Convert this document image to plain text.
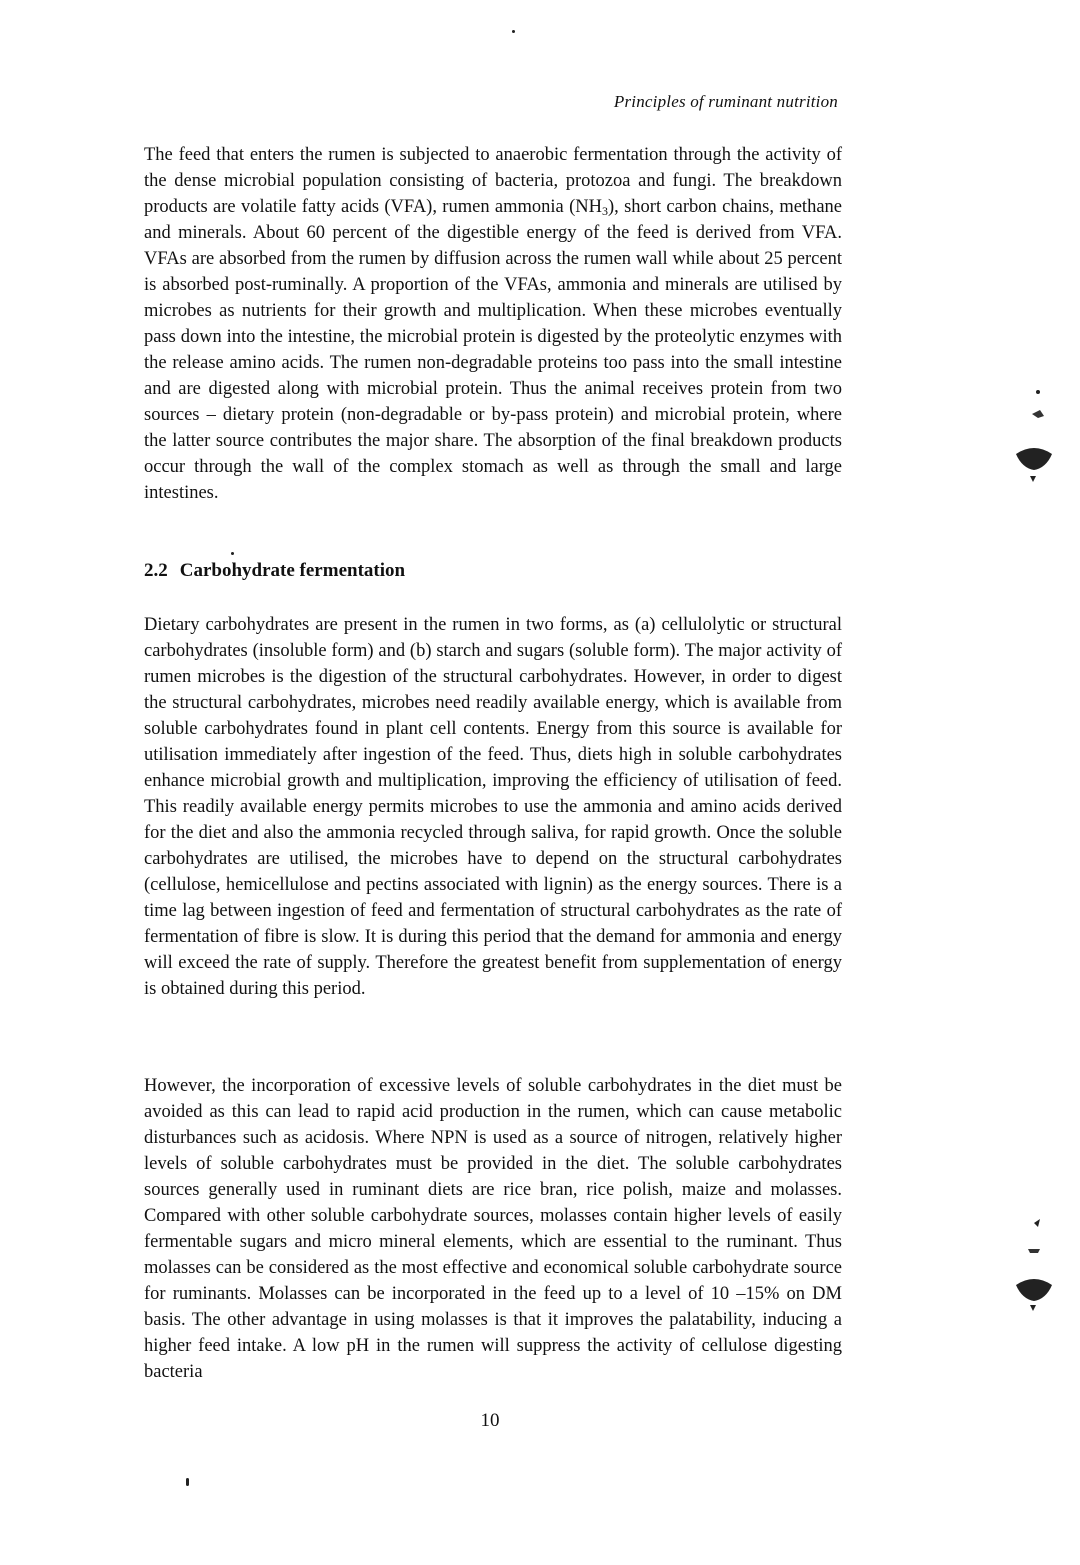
Principles of ruminant nutrition

The feed that enters the rumen is subjected to anaerobic fermentation through the activity of the dense microbial population consisting of bacteria, protozoa and fungi. The breakdown products are volatile fatty acids (VFA), rumen ammonia $(NH_3)$, short carbon chains, methane and minerals. About 60 percent of the digestible energy of the feed is derived from VFA. VFAs are absorbed from the rumen by diffusion across the rumen wall while about 25 percent is absorbed post-ruminally. A proportion of the VFAs, ammonia and minerals are utilised by microbes as nutrients for their growth and multiplication. When these microbes eventually pass down into the intestine, the microbial protein is digested by the proteolytic enzymes with the release amino acids. The rumen non-degradable proteins too pass into the small intestine and are digested along with microbial protein. Thus the animal receives protein from two sources – dietary protein (non-degradable or by-pass protein) and microbial protein, where the latter source contributes the major share. The absorption of the final breakdown products occur through the wall of the complex stomach as well as through the small and large intestines.

2.2 Carbohydrate fermentation

Dietary carbohydrates are present in the rumen in two forms, as (a) cellulolytic or structural carbohydrates (insoluble form) and (b) starch and sugars (soluble form). The major activity of rumen microbes is the digestion of the structural carbohydrates. However, in order to digest the structural carbohydrates, microbes need readily available energy, which is available from soluble carbohydrates found in plant cell contents. Energy from this source is available for utilisation immediately after ingestion of the feed. Thus, diets high in soluble carbohydrates enhance microbial growth and multiplication, improving the efficiency of utilisation of feed. This readily available energy permits microbes to use the ammonia and amino acids derived for the diet and also the ammonia recycled through saliva, for rapid growth. Once the soluble carbohydrates are utilised, the microbes have to depend on the structural carbohydrates (cellulose, hemicellulose and pectins associated with lignin) as the energy sources. There is a time lag between ingestion of feed and fermentation of structural carbohydrates as the rate of fermentation of fibre is slow. It is during this period that the demand for ammonia and energy will exceed the rate of supply. Therefore the greatest benefit from supplementation of energy is obtained during this period.

However, the incorporation of excessive levels of soluble carbohydrates in the diet must be avoided as this can lead to rapid acid production in the rumen, which can cause metabolic disturbances such as acidosis. Where NPN is used as a source of nitrogen, relatively higher levels of soluble carbohydrates must be provided in the diet. The soluble carbohydrates sources generally used in ruminant diets are rice bran, rice polish, maize and molasses. Compared with other soluble carbohydrate sources, molasses contain higher levels of easily fermentable sugars and micro mineral elements, which are essential to the ruminant. Thus molasses can be considered as the most effective and economical soluble carbohydrate source for ruminants. Molasses can be incorporated in the feed up to a level of 10 –15% on DM basis. The other advantage in using molasses is that it improves the palatability, inducing a higher feed intake. A low pH in the rumen will suppress the activity of cellulose digesting bacteria

10
